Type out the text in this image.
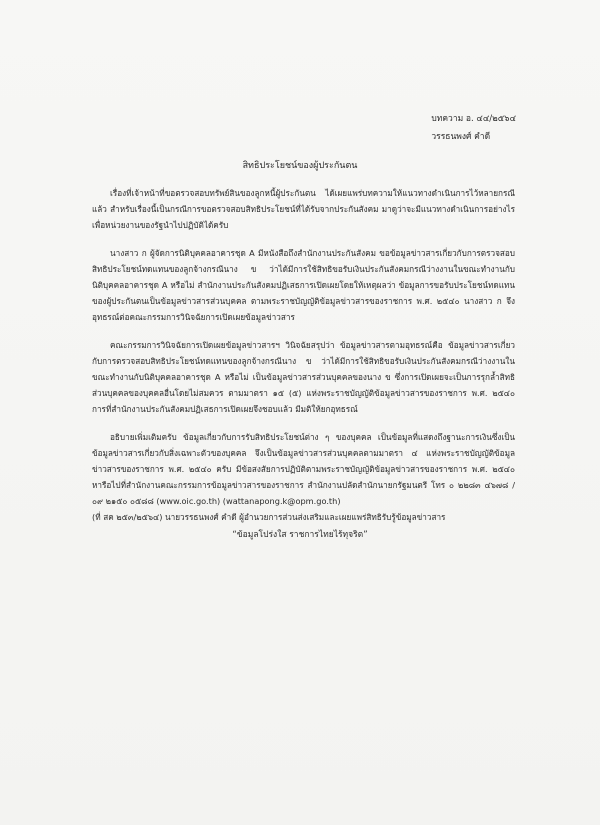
บทความ อ. ๔๔/๒๕๖๔
วรรธนพงศ์ คำดี
สิทธิประโยชน์ของผู้ประกันตน

เรื่องที่เจ้าหน้าที่ขอตรวจสอบทรัพย์สินของลูกหนี้ผู้ประกันตน ได้เผยแพร่บทความให้แนวทางดำเนินการไว้หลายกรณีแล้ว สำหรับเรื่องนี้เป็นกรณีการขอตรวจสอบสิทธิประโยชน์ที่ได้รับจากประกันสังคม มาดูว่าจะมีแนวทางดำเนินการอย่างไร เพื่อหน่วยงานของรัฐนำไปปฏิบัติได้ครับ

นางสาว ก ผู้จัดการนิติบุคคลอาคารชุด A มีหนังสือถึงสำนักงานประกันสังคม ขอข้อมูลข่าวสารเกี่ยวกับการตรวจสอบสิทธิประโยชน์ทดแทนของลูกจ้างกรณีนาง ข ว่าได้มีการใช้สิทธิขอรับเงินประกันสังคมกรณีว่างงานในขณะทำงานกับนิติบุคคลอาคารชุด A หรือไม่ สำนักงานประกันสังคมปฏิเสธการเปิดเผยโดยให้เหตุผลว่า ข้อมูลการขอรับประโยชน์ทดแทนของผู้ประกันตนเป็นข้อมูลข่าวสารส่วนบุคคล ตามพระราชบัญญัติข้อมูลข่าวสารของราชการ พ.ศ. ๒๕๔๐ นางสาว ก จึงอุทธรณ์ต่อคณะกรรมการวินิจฉัยการเปิดเผยข้อมูลข่าวสาร

คณะกรรมการวินิจฉัยการเปิดเผยข้อมูลข่าวสารฯ วินิจฉัยสรุปว่า ข้อมูลข่าวสารตามอุทธรณ์คือ ข้อมูลข่าวสารเกี่ยวกับการตรวจสอบสิทธิประโยชน์ทดแทนของลูกจ้างกรณีนาง ข ว่าได้มีการใช้สิทธิขอรับเงินประกันสังคมกรณีว่างงานในขณะทำงานกับนิติบุคคลอาคารชุด A หรือไม่ เป็นข้อมูลข่าวสารส่วนบุคคลของนาง ข ซึ่งการเปิดเผยจะเป็นการรุกล้ำสิทธิส่วนบุคคลของบุคคลอื่นโดยไม่สมควร ตามมาตรา ๑๕ (๕) แห่งพระราชบัญญัติข้อมูลข่าวสารของราชการ พ.ศ. ๒๕๔๐ การที่สำนักงานประกันสังคมปฏิเสธการเปิดเผยจึงชอบแล้ว มีมติให้ยกอุทธรณ์

อธิบายเพิ่มเติมครับ ข้อมูลเกี่ยวกับการรับสิทธิประโยชน์ต่าง ๆ ของบุคคล เป็นข้อมูลที่แสดงถึงฐานะการเงินซึ่งเป็นข้อมูลข่าวสารเกี่ยวกับสิ่งเฉพาะตัวของบุคคล จึงเป็นข้อมูลข่าวสารส่วนบุคคลตามมาตรา ๔ แห่งพระราชบัญญัติข้อมูลข่าวสารของราชการ พ.ศ. ๒๕๔๐ ครับ มีข้อสงสัยการปฏิบัติตามพระราชบัญญัติข้อมูลข่าวสารของราชการ พ.ศ. ๒๕๔๐ หารือไปที่สำนักงานคณะกรรมการข้อมูลข่าวสารของราชการ สำนักงานปลัดสำนักนายกรัฐมนตรี โทร ๐ ๒๒๘๓ ๔๖๗๘ / ๐๙ ๒๑๕๐ ๐๕๘๘ (www.oic.go.th) (wattanapong.k@opm.go.th)

(ที่ สค ๒๕๓/๒๕๖๔) นายวรรธนพงศ์ คำดี ผู้อำนวยการส่วนส่งเสริมและเผยแพร่สิทธิรับรู้ข้อมูลข่าวสาร

“ข้อมูลโปร่งใส ราชการไทยไร้ทุจริต”
